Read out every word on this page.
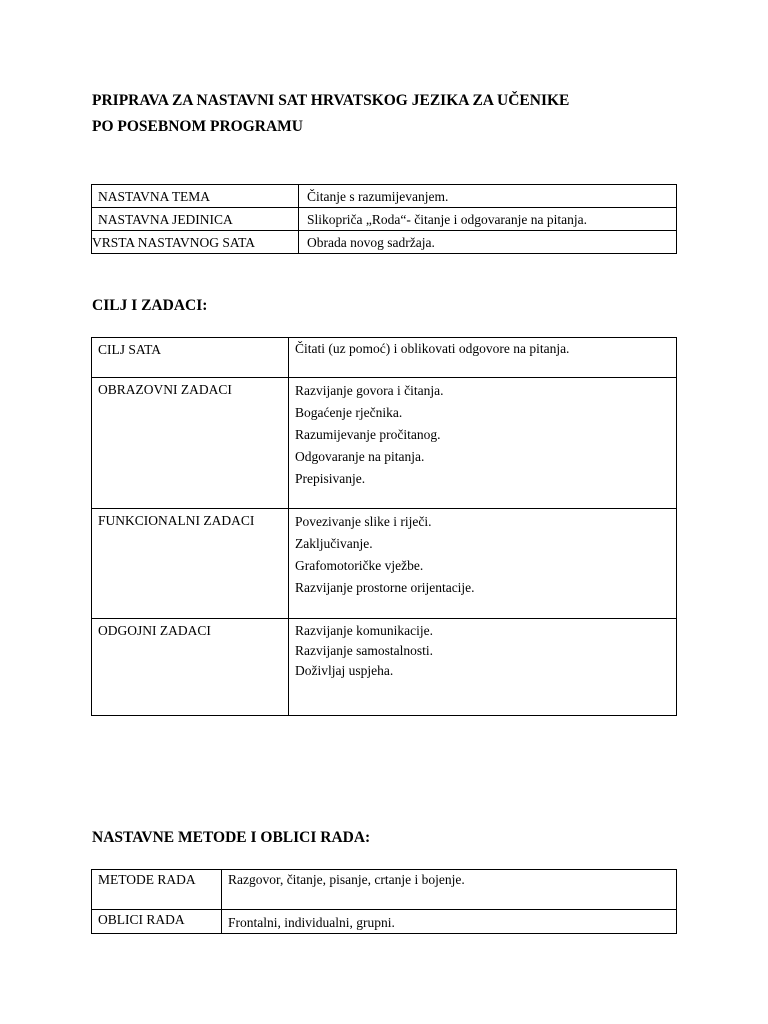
PRIPRAVA ZA NASTAVNI SAT HRVATSKOG JEZIKA ZA UČENIKE
PO POSEBNOM PROGRAMU
NASTAVNA TEMA	Čitanje s razumijevanjem.
NASTAVNA JEDINICA	Slikopriča „Roda“- čitanje i odgovaranje na pitanja.
VRSTA NASTAVNOG SATA	Obrada novog sadržaja.
CILJ I ZADACI:
CILJ SATA	Čitati (uz pomoć) i oblikovati odgovore na pitanja.

OBRAZOVNI ZADACI	Razvijanje govora i čitanja.
Bogaćenje rječnika.
Razumijevanje pročitanog.
Odgovaranje na pitanja.
Prepisivanje.

FUNKCIONALNI ZADACI	Povezivanje slike i riječi.
Zaključivanje.
Grafomotoričke vježbe.
Razvijanje prostorne orijentacije.

ODGOJNI ZADACI	Razvijanje komunikacije.
Razvijanje samostalnosti.
Doživljaj uspjeha.
NASTAVNE METODE I OBLICI RADA:
METODE RADA	Razgovor, čitanje, pisanje, crtanje i bojenje.
OBLICI RADA	Frontalni, individualni, grupni.
